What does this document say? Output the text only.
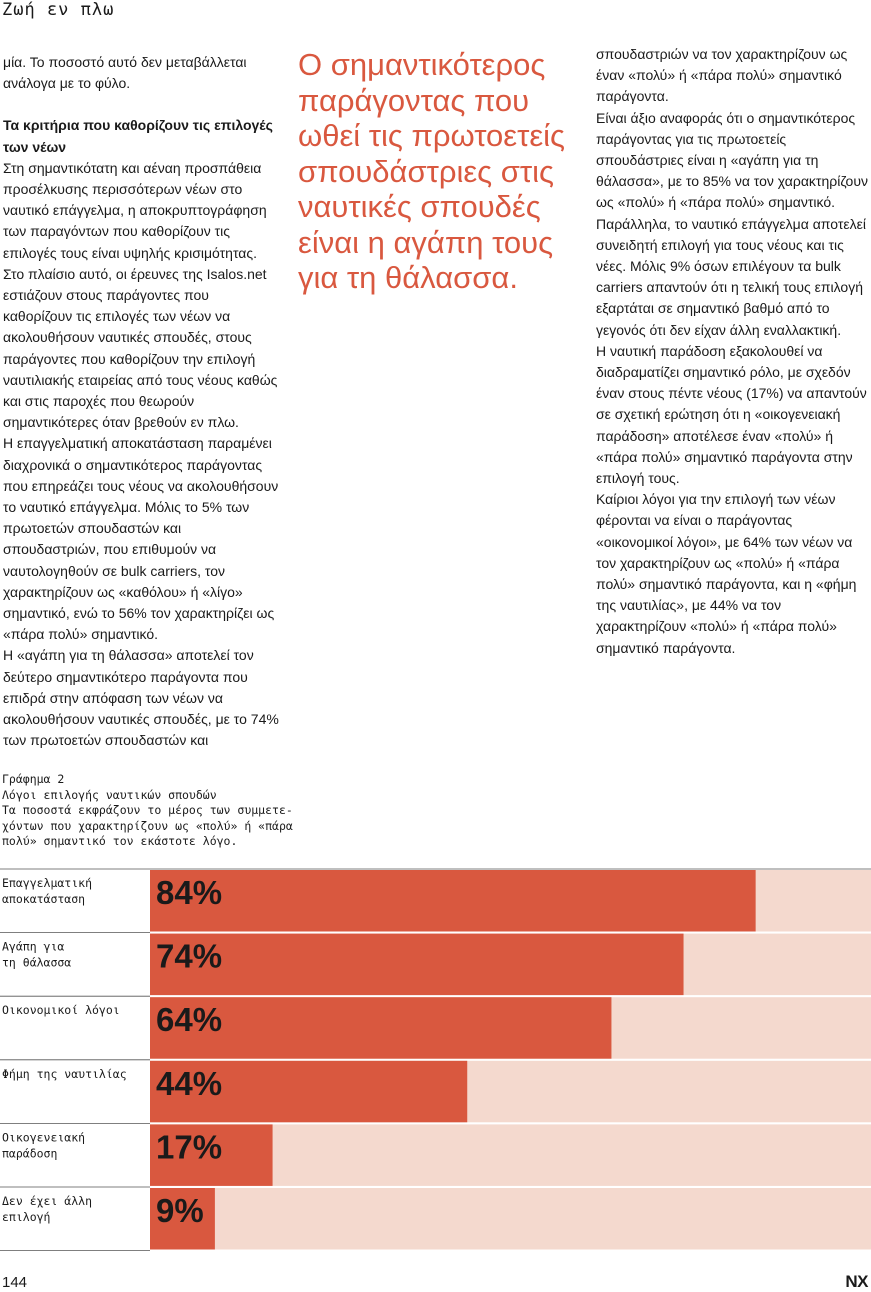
Ζωή εν πλω

μία. Το ποσοστό αυτό δεν μεταβάλλεται ανάλογα με το φύλο.

Τα κριτήρια που καθορίζουν τις επιλογές των νέων

Στη σημαντικότατη και αέναη προσπάθεια προσέλκυσης περισσότερων νέων στο ναυτικό επάγγελμα, η αποκρυπτογράφηση των παραγόντων που καθορίζουν τις επιλογές τους είναι υψηλής κρισιμότητας. Στο πλαίσιο αυτό, οι έρευνες της Isalos.net εστιάζουν στους παράγοντες που καθορίζουν τις επιλογές των νέων να ακολουθήσουν ναυτικές σπουδές, στους παράγοντες που καθορίζουν την επιλογή ναυτιλιακής εταιρείας από τους νέους καθώς και στις παροχές που θεωρούν σημαντικότερες όταν βρεθούν εν πλω.

Η επαγγελματική αποκατάσταση παραμένει διαχρονικά ο σημαντικότερος παράγοντας που επηρεάζει τους νέους να ακολουθήσουν το ναυτικό επάγγελμα. Μόλις το 5% των πρωτοετών σπουδαστών και σπουδαστριών, που επιθυμούν να ναυτολογηθούν σε bulk carriers, τον χαρακτηρίζουν ως «καθόλου» ή «λίγο» σημαντικό, ενώ το 56% τον χαρακτηρίζει ως «πάρα πολύ» σημαντικό.

Η «αγάπη για τη θάλασσα» αποτελεί τον δεύτερο σημαντικότερο παράγοντα που επιδρά στην απόφαση των νέων να ακολουθήσουν ναυτικές σπουδές, με το 74% των πρωτοετών σπουδαστών και

Ο σημαντικότερος παράγοντας που ωθεί τις πρωτοετείς σπουδάστριες στις ναυτικές σπουδές είναι η αγάπη τους για τη θάλασσα.

σπουδαστριών να τον χαρακτηρίζουν ως έναν «πολύ» ή «πάρα πολύ» σημαντικό παράγοντα.

Είναι άξιο αναφοράς ότι ο σημαντικότερος παράγοντας για τις πρωτοετείς σπουδάστριες είναι η «αγάπη για τη θάλασσα», με το 85% να τον χαρακτηρίζουν ως «πολύ» ή «πάρα πολύ» σημαντικό.

Παράλληλα, το ναυτικό επάγγελμα αποτελεί συνειδητή επιλογή για τους νέους και τις νέες. Μόλις 9% όσων επιλέγουν τα bulk carriers απαντούν ότι η τελική τους επιλογή εξαρτάται σε σημαντικό βαθμό από το γεγονός ότι δεν είχαν άλλη εναλλακτική.

Η ναυτική παράδοση εξακολουθεί να διαδραματίζει σημαντικό ρόλο, με σχεδόν έναν στους πέντε νέους (17%) να απαντούν σε σχετική ερώτηση ότι η «οικογενειακή παράδοση» αποτέλεσε έναν «πολύ» ή «πάρα πολύ» σημαντικό παράγοντα στην επιλογή τους.

Καίριοι λόγοι για την επιλογή των νέων φέρονται να είναι ο παράγοντας «οικονομικοί λόγοι», με 64% των νέων να τον χαρακτηρίζουν ως «πολύ» ή «πάρα πολύ» σημαντικό παράγοντα, και η «φήμη της ναυτιλίας», με 44% να τον χαρακτηρίζουν «πολύ» ή «πάρα πολύ» σημαντικό παράγοντα.

Γράφημα 2
Λόγοι επιλογής ναυτικών σπουδών
Τα ποσοστά εκφράζουν το μέρος των συμμετε-
χόντων που χαρακτηρίζουν ως «πολύ» ή «πάρα
πολύ» σημαντικό τον εκάστοτε λόγο.
Επαγγελματική
αποκατάσταση 84%
Αγάπη για
τη θάλασσα	74%
Οικονομικοί λόγοι 64%
Φήμη της ναυτιλίας 44%
Οικογενειακή
παράδοση	17%
Δεν έχει άλλη
επιλογή	9%
144	NX
